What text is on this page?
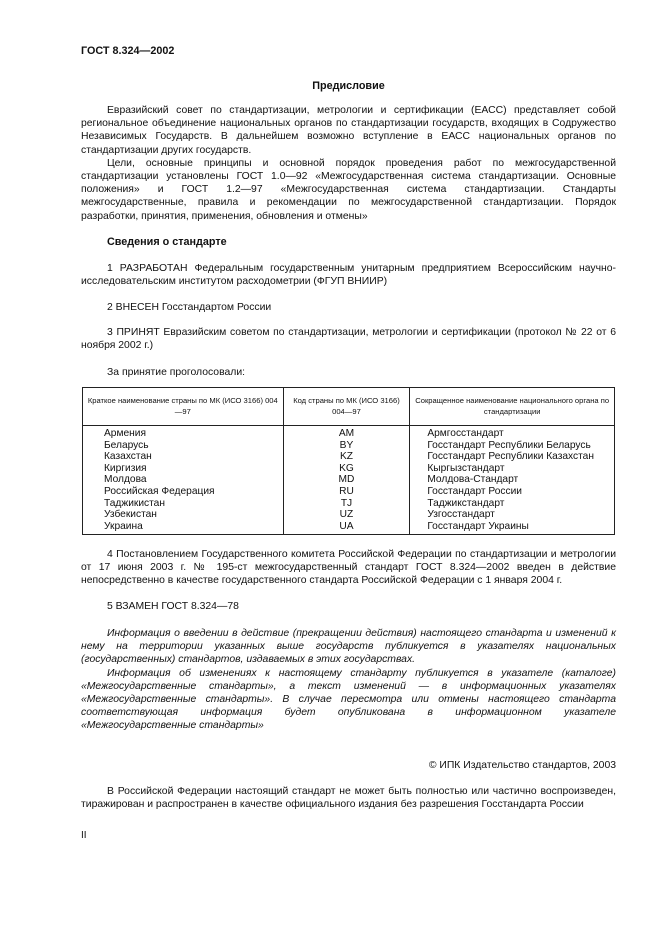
ГОСТ 8.324—2002
Предисловие

Евразийский совет по стандартизации, метрологии и сертификации (ЕАСС) представляет собой региональное объединение национальных органов по стандартизации государств, входящих в Содружество Независимых Государств. В дальнейшем возможно вступление в ЕАСС национальных органов по стандартизации других государств.

Цели, основные принципы и основной порядок проведения работ по межгосударственной стандартизации установлены ГОСТ 1.0—92 «Межгосударственная система стандартизации. Основные положения» и ГОСТ 1.2—97 «Межгосударственная система стандартизации. Стандарты межгосударственные, правила и рекомендации по межгосударственной стандартизации. Порядок разработки, принятия, применения, обновления и отмены»

Сведения о стандарте

1 РАЗРАБОТАН Федеральным государственным унитарным предприятием Всероссийским научно-исследовательским институтом расходометрии (ФГУП ВНИИР)

2 ВНЕСЕН Госстандартом России

3 ПРИНЯТ Евразийским советом по стандартизации, метрологии и сертификации (протокол № 22 от 6 ноября 2002 г.)

За принятие проголосовали:

Краткое наименование страны по МК (ИСО 3166) 004—97	Код страны по МК (ИСО 3166) 004—97	Сокращенное наименование национального органа по стандартизации
Армения	AM	Армгосстандарт
Беларусь	BY	Госстандарт Республики Беларусь
Казахстан	KZ	Госстандарт Республики Казахстан
Киргизия	KG	Кыргызстандарт
Молдова	MD	Молдова-Стандарт
Российская Федерация	RU	Госстандарт России
Таджикистан	TJ	Таджикстандарт
Узбекистан	UZ	Узгосстандарт
Украина	UA	Госстандарт Украины

4 Постановлением Государственного комитета Российской Федерации по стандартизации и метрологии от 17 июня 2003 г. № 195-ст межгосударственный стандарт ГОСТ 8.324—2002 введен в действие непосредственно в качестве государственного стандарта Российской Федерации с 1 января 2004 г.

5 ВЗАМЕН ГОСТ 8.324—78

Информация о введении в действие (прекращении действия) настоящего стандарта и изменений к нему на территории указанных выше государств публикуется в указателях национальных (государственных) стандартов, издаваемых в этих государствах.

Информация об изменениях к настоящему стандарту публикуется в указателе (каталоге) «Межгосударственные стандарты», а текст изменений — в информационных указателях «Межгосударственные стандарты». В случае пересмотра или отмены настоящего стандарта соответствующая информация будет опубликована в информационном указателе «Межгосударственные стандарты»

© ИПК Издательство стандартов, 2003

В Российской Федерации настоящий стандарт не может быть полностью или частично воспроизведен, тиражирован и распространен в качестве официального издания без разрешения Госстандарта России

II
